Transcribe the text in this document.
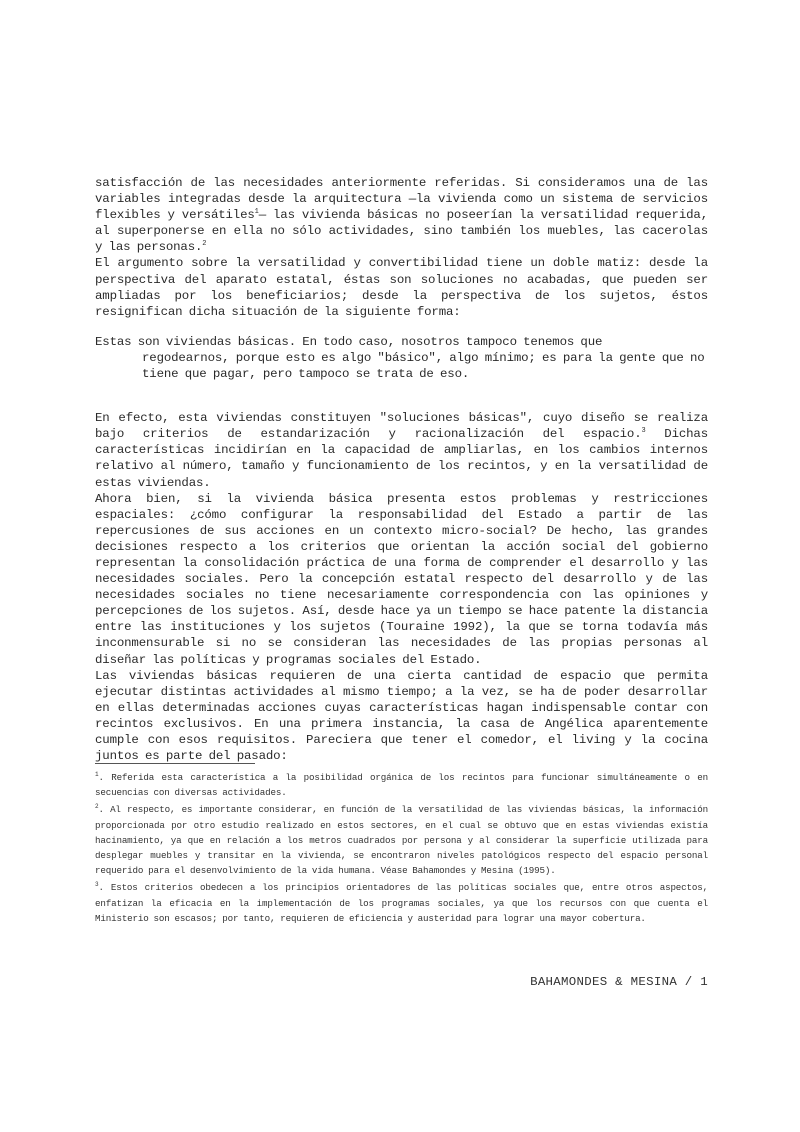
satisfacción de las necesidades anteriormente referidas. Si consideramos una de las variables integradas desde la arquitectura —la vivienda como un sistema de servicios flexibles y versátiles$^1$— las vivienda básicas no poseerían la versatilidad requerida, al superponerse en ella no sólo actividades, sino también los muebles, las cacerolas y las personas.$^2$

El argumento sobre la versatilidad y convertibilidad tiene un doble matiz: desde la perspectiva del aparato estatal, éstas son soluciones no acabadas, que pueden ser ampliadas por los beneficiarios; desde la perspectiva de los sujetos, éstos resignifican dicha situación de la siguiente forma:

Estas son viviendas básicas. En todo caso, nosotros tampoco tenemos que
regodearnos, porque esto es algo "básico", algo mínimo; es para la gente que no tiene que pagar, pero tampoco se trata de eso.

En efecto, esta viviendas constituyen "soluciones básicas", cuyo diseño se realiza bajo criterios de estandarización y racionalización del espacio.$^3$ Dichas características incidirían en la capacidad de ampliarlas, en los cambios internos relativo al número, tamaño y funcionamiento de los recintos, y en la versatilidad de estas viviendas.

Ahora bien, si la vivienda básica presenta estos problemas y restricciones espaciales: ¿cómo configurar la responsabilidad del Estado a partir de las repercusiones de sus acciones en un contexto micro-social? De hecho, las grandes decisiones respecto a los criterios que orientan la acción social del gobierno representan la consolidación práctica de una forma de comprender el desarrollo y las necesidades sociales. Pero la concepción estatal respecto del desarrollo y de las necesidades sociales no tiene necesariamente correspondencia con las opiniones y percepciones de los sujetos. Así, desde hace ya un tiempo se hace patente la distancia entre las instituciones y los sujetos (Touraine 1992), la que se torna todavía más inconmensurable si no se consideran las necesidades de las propias personas al diseñar las políticas y programas sociales del Estado.

Las viviendas básicas requieren de una cierta cantidad de espacio que permita ejecutar distintas actividades al mismo tiempo; a la vez, se ha de poder desarrollar en ellas determinadas acciones cuyas características hagan indispensable contar con recintos exclusivos. En una primera instancia, la casa de Angélica aparentemente cumple con esos requisitos. Pareciera que tener el comedor, el living y la cocina juntos es parte del pasado:

$^1$. Referida esta característica a la posibilidad orgánica de los recintos para funcionar simultáneamente o en secuencias con diversas actividades.

$^2$. Al respecto, es importante considerar, en función de la versatilidad de las viviendas básicas, la información proporcionada por otro estudio realizado en estos sectores, en el cual se obtuvo que en estas viviendas existía hacinamiento, ya que en relación a los metros cuadrados por persona y al considerar la superficie utilizada para desplegar muebles y transitar en la vivienda, se encontraron niveles patológicos respecto del espacio personal requerido para el desenvolvimiento de la vida humana. Véase Bahamondes y Mesina (1995).

$^3$. Estos criterios obedecen a los principios orientadores de las políticas sociales que, entre otros aspectos, enfatizan la eficacia en la implementación de los programas sociales, ya que los recursos con que cuenta el Ministerio son escasos; por tanto, requieren de eficiencia y austeridad para lograr una mayor cobertura.

BAHAMONDES & MESINA / 1
